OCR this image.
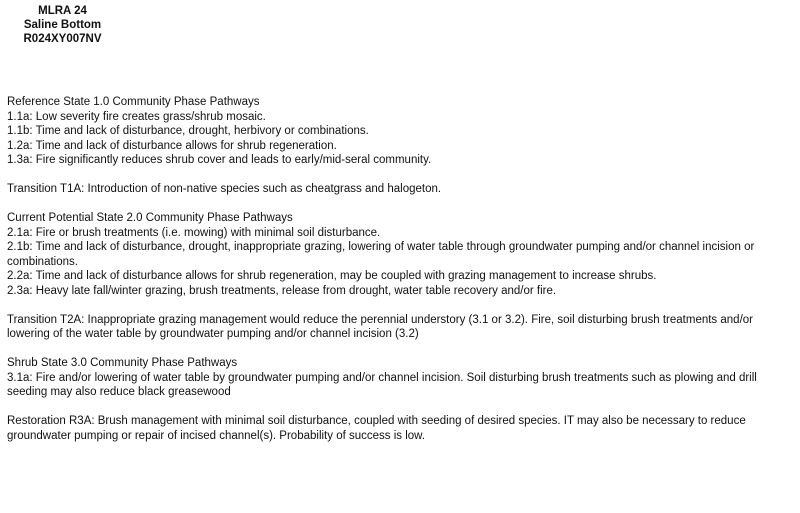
MLRA 24
Saline Bottom
R024XY007NV
Reference State 1.0 Community Phase Pathways
1.1a: Low severity fire creates grass/shrub mosaic.
1.1b: Time and lack of disturbance, drought, herbivory or combinations.
1.2a: Time and lack of disturbance allows for shrub regeneration.
1.3a: Fire significantly reduces shrub cover and leads to early/mid-seral community.
Transition T1A: Introduction of non-native species such as cheatgrass and halogeton.
Current Potential State 2.0 Community Phase Pathways
2.1a: Fire or brush treatments (i.e. mowing) with minimal soil disturbance.
2.1b: Time and lack of disturbance, drought, inappropriate grazing, lowering of water table through groundwater pumping and/or channel incision or combinations.
2.2a: Time and lack of disturbance allows for shrub regeneration, may be coupled with grazing management to increase shrubs.
2.3a: Heavy late fall/winter grazing, brush treatments, release from drought, water table recovery and/or fire.
Transition T2A: Inappropriate grazing management would reduce the perennial understory (3.1 or 3.2). Fire, soil disturbing brush treatments and/or lowering of the water table by groundwater pumping and/or channel incision (3.2)
Shrub State 3.0 Community Phase Pathways
3.1a: Fire and/or lowering of water table by groundwater pumping and/or channel incision. Soil disturbing brush treatments such as plowing and drill seeding may also reduce black greasewood
Restoration R3A: Brush management with minimal soil disturbance, coupled with seeding of desired species. IT may also be necessary to reduce groundwater pumping or repair of incised channel(s). Probability of success is low.
